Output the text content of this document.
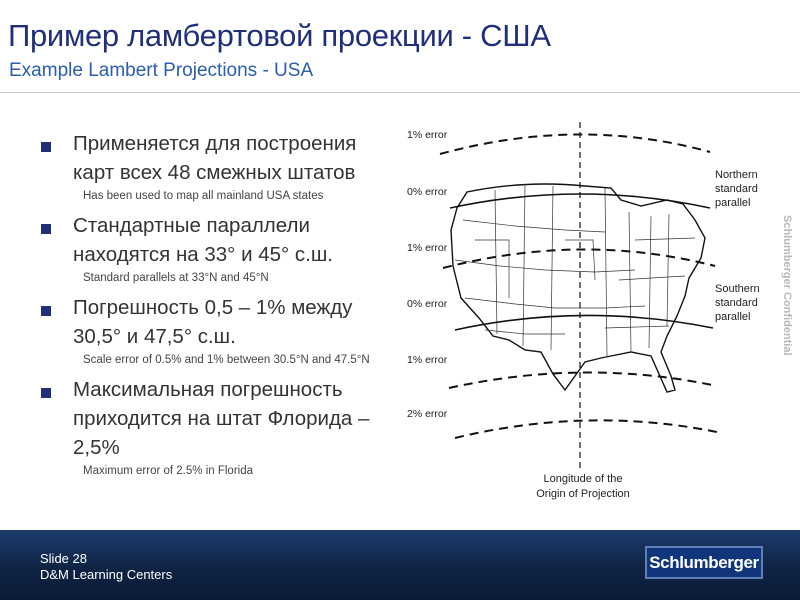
Пример ламбертовой проекции - США
Example Lambert Projections - USA
Применяется для построения карт всех 48 смежных штатов
Has been used to map all mainland USA states
Стандартные параллели находятся на 33° и 45° с.ш.
Standard parallels at 33°N and 45°N
Погрешность 0,5 – 1% между 30,5° и 47,5° с.ш.
Scale error of 0.5% and 1% between 30.5°N and 47.5°N
Максимальная погрешность приходится на штат Флорида – 2,5%
Maximum error of 2.5% in Florida
1% error
0% error
1% error
0% error
1% error
2% error
Northern
standard
parallel
Southern
standard
parallel
Longitude of the
Origin of Projection
Schlumberger Confidential
Slide 28
D&M Learning Centers
Schlumberger
